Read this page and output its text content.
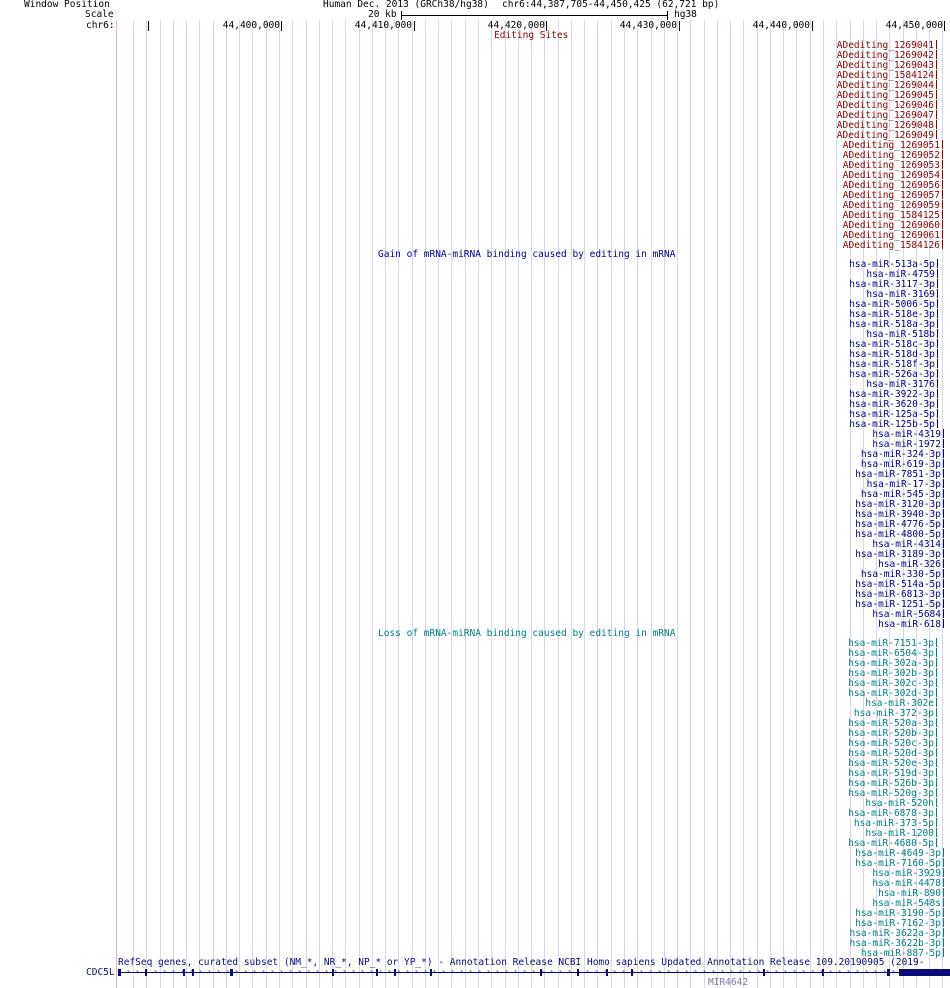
Window Position
Scale
chr6:
Human Dec. 2013 (GRCh38/hg38) chr6:44,387,705-44,450,425 (62,721 bp)
20 kb	hg38
44,400,000	44,410,000	44,420,000	44,430,000	44,440,000	44,450,000
Editing Sites
ADediting_1269041
ADediting_1269042
ADediting_1269043
ADediting_1584124
ADediting_1269044
ADediting_1269045
ADediting_1269046
ADediting_1269047
ADediting_1269048
ADediting_1269049
ADediting_1269051
ADediting_1269052
ADediting_1269053
ADediting_1269054
ADediting_1269056
ADediting_1269057
ADediting_1269059
ADediting_1584125
ADediting_1269060
ADediting_1269061
ADediting_1584126
Gain of mRNA-miRNA binding caused by editing in mRNA
hsa-miR-513a-5p
hsa-miR-4759
hsa-miR-3117-3p
hsa-miR-3169
hsa-miR-5006-5p
hsa-miR-518e-3p
hsa-miR-518a-3p
hsa-miR-518b
hsa-miR-518c-3p
hsa-miR-518d-3p
hsa-miR-518f-3p
hsa-miR-526a-3p
hsa-miR-3176
hsa-miR-3922-3p
hsa-miR-3620-3p
hsa-miR-125a-5p
hsa-miR-125b-5p
hsa-miR-4319
hsa-miR-1972
hsa-miR-324-3p
hsa-miR-619-3p
hsa-miR-7851-3p
hsa-miR-17-3p
hsa-miR-545-3p
hsa-miR-3120-3p
hsa-miR-3940-3p
hsa-miR-4776-5p
hsa-miR-4800-5p
hsa-miR-4314
hsa-miR-3189-3p
hsa-miR-326
hsa-miR-330-5p
hsa-miR-514a-5p
hsa-miR-6813-3p
hsa-miR-1251-5p
hsa-miR-5684
hsa-miR-618
Loss of mRNA-miRNA binding caused by editing in mRNA
hsa-miR-7151-3p
hsa-miR-6504-3p
hsa-miR-302a-3p
hsa-miR-302b-3p
hsa-miR-302c-3p
hsa-miR-302d-3p
hsa-miR-302e
hsa-miR-372-3p
hsa-miR-520a-3p
hsa-miR-520b-3p
hsa-miR-520c-3p
hsa-miR-520d-3p
hsa-miR-520e-3p
hsa-miR-519d-3p
hsa-miR-526b-3p
hsa-miR-520g-3p
hsa-miR-520h
hsa-miR-6878-3p
hsa-miR-373-5p
hsa-miR-1200
hsa-miR-4680-5p
hsa-miR-4649-3p
hsa-miR-7160-5p
hsa-miR-3929
hsa-miR-4478
hsa-miR-890
hsa-miR-548s
hsa-miR-3190-5p
hsa-miR-7162-3p
hsa-miR-3622a-3p
hsa-miR-3622b-3p
hsa-miR-887-5p
RefSeq genes, curated subset (NM_*, NR_*, NP_* or YP_*) - Annotation Release NCBI Homo sapiens Updated Annotation Release 109.20190905 (2019-
CDC5L › › › › › › › › › › › › › › › › › › › › › › › › › › › › › › › › › › › › › › › › › › › › › › › › › › › › › › › › › › › › › › › › › › › › › › › › › › › › › › › › › › › › › ›
MIR4642
